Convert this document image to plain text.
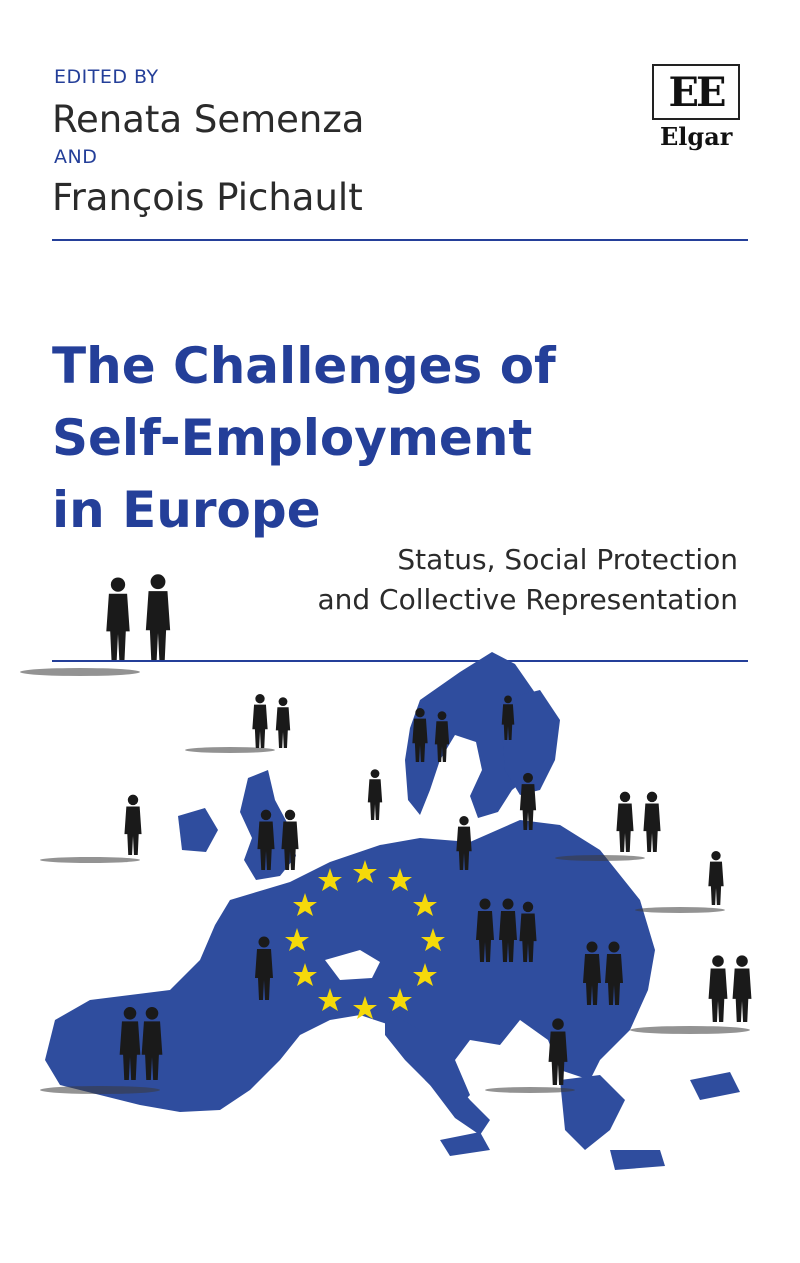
EDITED BY
Renata Semenza
AND
François Pichault
EE
Elgar
The Challenges of
Self-Employment
in Europe
Status, Social Protection
and Collective Representation
